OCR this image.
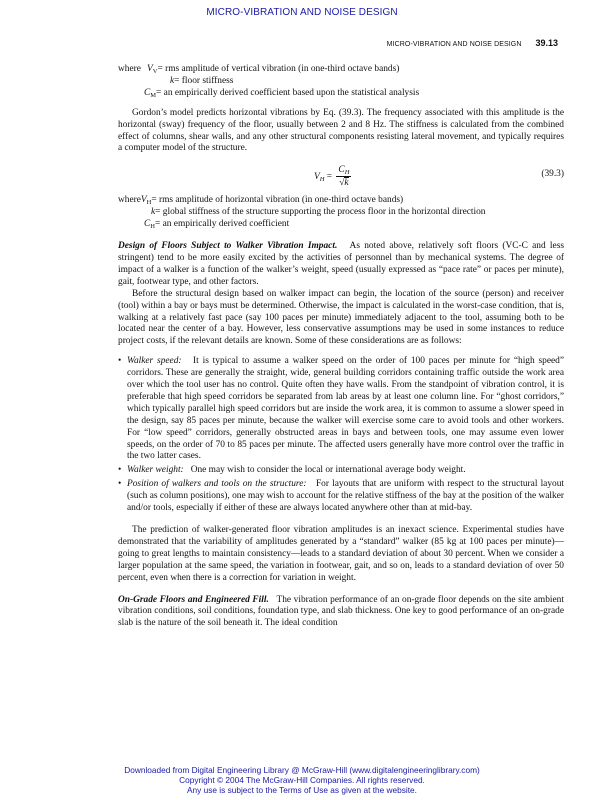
MICRO-VIBRATION AND NOISE DESIGN
MICRO-VIBRATION AND NOISE DESIGN 39.13
where $V_V=$ rms amplitude of vertical vibration (in one-third octave bands)
k= floor stiffness
$C_M=$ an empirically derived coefficient based upon the statistical analysis

Gordon’s model predicts horizontal vibrations by Eq. (39.3). The frequency associated with this amplitude is the horizontal (sway) frequency of the floor, usually between 2 and 8 Hz. The stiffness is calculated from the combined effect of columns, shear walls, and any other structural components resisting lateral movement, and typically requires a computer model of the structure.

$V_H = \frac{C_H}{√k}$	(39.3)
whereV$_H$= rms amplitude of horizontal vibration (in one-third octave bands)
k= global stiffness of the structure supporting the process floor in the horizontal direction
$C_H=$ an empirically derived coefficient

Design of Floors Subject to Walker Vibration Impact. As noted above, relatively soft floors (VC-C and less stringent) tend to be more easily excited by the activities of personnel than by mechanical systems. The degree of impact of a walker is a function of the walker’s weight, speed (usually expressed as “pace rate” or paces per minute), gait, footwear type, and other factors.

Before the structural design based on walker impact can begin, the location of the source (person) and receiver (tool) within a bay or bays must be determined. Otherwise, the impact is calculated in the worst-case condition, that is, walking at a relatively fast pace (say 100 paces per minute) immediately adjacent to the tool, assuming both to be located near the center of a bay. However, less conservative assumptions may be used in some instances to reduce project costs, if the relevant details are known. Some of these considerations are as follows:

• Walker speed: It is typical to assume a walker speed on the order of 100 paces per minute for “high speed” corridors. These are generally the straight, wide, general building corridors containing traffic outside the work area over which the tool user has no control. Quite often they have walls. From the standpoint of vibration control, it is preferable that high speed corridors be separated from lab areas by at least one column line. For “ghost corridors,” which typically parallel high speed corridors but are inside the work area, it is common to assume a slower speed in the design, say 85 paces per minute, because the walker will exercise some care to avoid tools and other workers. For “low speed” corridors, generally obstructed areas in bays and between tools, one may assume even lower speeds, on the order of 70 to 85 paces per minute. The affected users generally have more control over the traffic in the two latter cases.
• Walker weight: One may wish to consider the local or international average body weight.
• Position of walkers and tools on the structure: For layouts that are uniform with respect to the structural layout (such as column positions), one may wish to account for the relative stiffness of the bay at the position of the walker and/or tools, especially if either of these are always located anywhere other than at mid-bay.

The prediction of walker-generated floor vibration amplitudes is an inexact science. Experimental studies have demonstrated that the variability of amplitudes generated by a “standard” walker (85 kg at 100 paces per minute)—going to great lengths to maintain consistency—leads to a standard deviation of about 30 percent. When we consider a larger population at the same speed, the variation in footwear, gait, and so on, leads to a standard deviation of over 50 percent, even when there is a correction for variation in weight.

On-Grade Floors and Engineered Fill. The vibration performance of an on-grade floor depends on the site ambient vibration conditions, soil conditions, foundation type, and slab thickness. One key to good performance of an on-grade slab is the nature of the soil beneath it. The ideal condition

Downloaded from Digital Engineering Library @ McGraw-Hill (www.digitalengineeringlibrary.com)
Copyright © 2004 The McGraw-Hill Companies. All rights reserved.
Any use is subject to the Terms of Use as given at the website.
